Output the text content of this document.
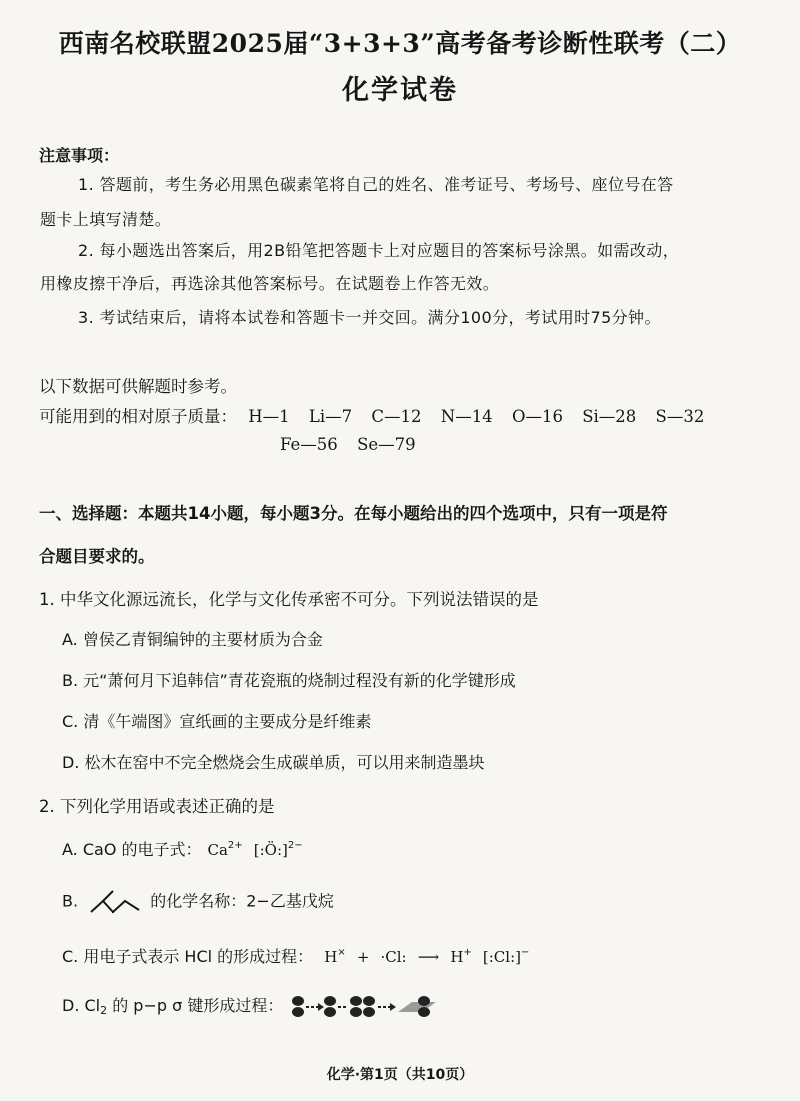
西南名校联盟2025届“3+3+3”高考备考诊断性联考（二）
化学试卷
注意事项：
1. 答题前，考生务必用黑色碳素笔将自己的姓名、准考证号、考场号、座位号在答
题卡上填写清楚。
2. 每小题选出答案后，用2B铅笔把答题卡上对应题目的答案标号涂黑。如需改动，
用橡皮擦干净后，再选涂其他答案标号。在试题卷上作答无效。
3. 考试结束后，请将本试卷和答题卡一并交回。满分100分，考试用时75分钟。
以下数据可供解题时参考。
可能用到的相对原子质量： H—1 Li—7 C—12 N—14 O—16 Si—28 S—32
Fe—56 Se—79
一、选择题：本题共14小题，每小题3分。在每小题给出的四个选项中，只有一项是符
合题目要求的。
1. 中华文化源远流长，化学与文化传承密不可分。下列说法错误的是
A. 曾侯乙青铜编钟的主要材质为合金
B. 元“萧何月下追韩信”青花瓷瓶的烧制过程没有新的化学键形成
C. 清《午端图》宣纸画的主要成分是纤维素
D. 松木在窑中不完全燃烧会生成碳单质，可以用来制造墨块
2. 下列化学用语或表述正确的是
A. CaO 的电子式： $Ca^{2+}$ [:Ö:]$^{2-}$
B.	的化学名称：2−乙基戊烷
C. 用电子式表示 HCl 的形成过程： H× + ·Cl: ⟶ H+ [:Cl:]−
D. $Cl_2$ 的 p−p σ 键形成过程：
化学·第1页（共10页）
